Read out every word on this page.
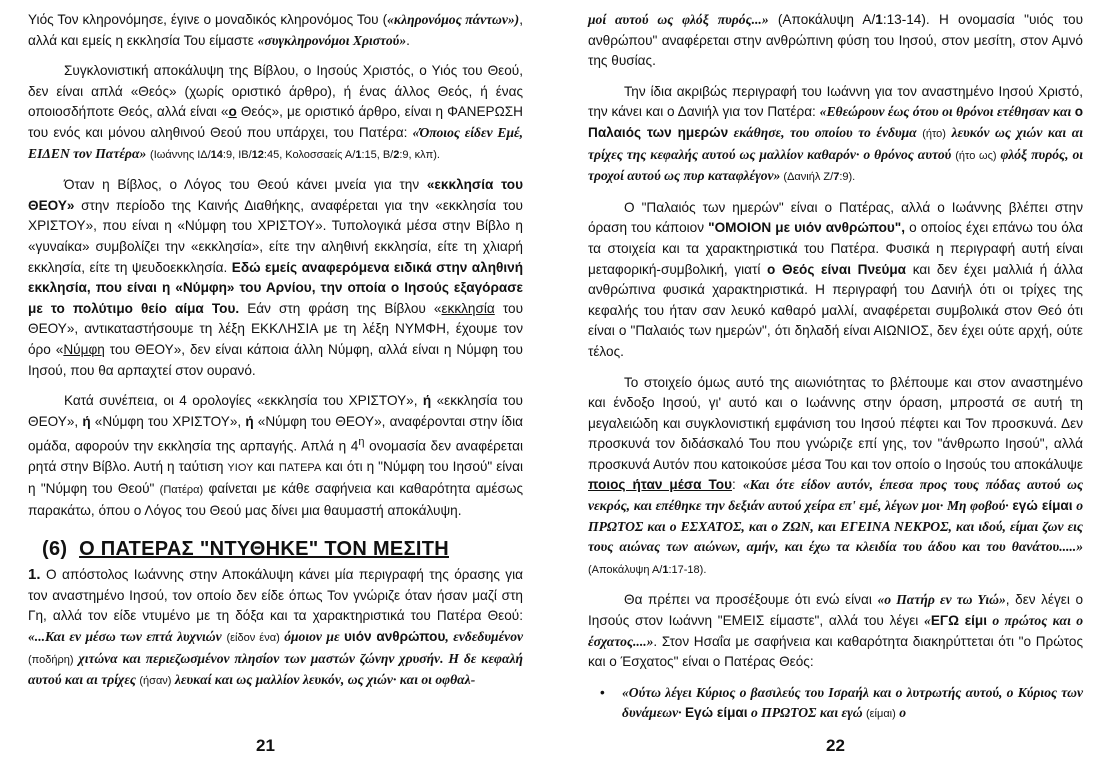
Υιός Τον κληρονόμησε, έγινε ο μοναδικός κληρονόμος Του («κληρονόμος πάντων»), αλλά και εμείς η εκκλησία Του είμαστε «συγκληρονόμοι Χριστού».

Συγκλονιστική αποκάλυψη της Βίβλου, ο Ιησούς Χριστός, ο Υιός του Θεού, δεν είναι απλά «Θεός» (χωρίς οριστικό άρθρο), ή ένας άλλος Θεός, ή ένας οποιοσδήποτε Θεός, αλλά είναι «ο Θεός», με οριστικό άρθρο, είναι η ΦΑΝΕΡΩΣΗ του ενός και μόνου αληθινού Θεού που υπάρχει, του Πατέρα: «Όποιος είδεν Εμέ, ΕΙΔΕΝ τον Πατέρα» (Ιωάννης ΙΔ/14:9, ΙΒ/12:45, Κολοσσαείς Α/1:15, Β/2:9, κλπ).

Όταν η Βίβλος, ο Λόγος του Θεού κάνει μνεία για την «εκκλησία του ΘΕΟΥ» στην περίοδο της Καινής Διαθήκης, αναφέρεται για την «εκκλησία του ΧΡΙΣΤΟΥ», που είναι η «Νύμφη του ΧΡΙΣΤΟΥ». Τυπολογικά μέσα στην Βίβλο η «γυναίκα» συμβολίζει την «εκκλησία», είτε την αληθινή εκκλησία, είτε τη χλιαρή εκκλησία, είτε τη ψευδοεκκλησία. Εδώ εμείς αναφερόμενα ειδικά στην αληθινή εκκλησία, που είναι η «Νύμφη» του Αρνίου, την οποία ο Ιησούς εξαγόρασε με το πολύτιμο θείο αίμα Του. Εάν στη φράση της Βίβλου «εκκλησία του ΘΕΟΥ», αντικαταστήσουμε τη λέξη ΕΚΚΛΗΣΙΑ με τη λέξη ΝΥΜΦΗ, έχουμε τον όρο «Νύμφη του ΘΕΟΥ», δεν είναι κάποια άλλη Νύμφη, αλλά είναι η Νύμφη του Ιησού, που θα αρπαχτεί στον ουρανό.

Κατά συνέπεια, οι 4 ορολογίες «εκκλησία του ΧΡΙΣΤΟΥ», ή «εκκλησία του ΘΕΟΥ», ή «Νύμφη του ΧΡΙΣΤΟΥ», ή «Νύμφη του ΘΕΟΥ», αναφέρονται στην ίδια ομάδα, αφορούν την εκκλησία της αρπαγής. Απλά η $4^\eta$ ονομασία δεν αναφέρεται ρητά στην Βίβλο. Αυτή η ταύτιση ΥΙΟΥ και ΠΑΤΕΡΑ και ότι η "Νύμφη του Ιησού" είναι η "Νύμφη του Θεού" (Πατέρα) φαίνεται με κάθε σαφήνεια και καθαρότητα αμέσως παρακάτω, όπου ο Λόγος του Θεού μας δίνει μια θαυμαστή αποκάλυψη.

(6) Ο ΠΑΤΕΡΑΣ "ΝΤΥΘΗΚΕ" ΤΟΝ ΜΕΣΙΤΗ

1. Ο απόστολος Ιωάννης στην Αποκάλυψη κάνει μία περιγραφή της όρασης για τον αναστημένο Ιησού, τον οποίο δεν είδε όπως Τον γνώριζε όταν ήσαν μαζί στη Γη, αλλά τον είδε ντυμένο με τη δόξα και τα χαρακτηριστικά του Πατέρα Θεού: «...Και εν μέσω των επτά λυχνιών (είδον ένα) όμοιον με υιόν ανθρώπου, ενδεδυμένον (ποδήρη) χιτώνα και περιεζωσμένον πλησίον των μαστών ζώνην χρυσήν. Η δε κεφαλή αυτού και αι τρίχες (ήσαν) λευκαί και ως μαλλίον λευκόν, ως χιών· και οι οφθαλ-

21

μοί αυτού ως φλόξ πυρός...» (Αποκάλυψη Α/1:13-14). Η ονομασία "υιός του ανθρώπου" αναφέρεται στην ανθρώπινη φύση του Ιησού, στον μεσίτη, στον Αμνό της θυσίας.

Την ίδια ακριβώς περιγραφή του Ιωάννη για τον αναστημένο Ιησού Χριστό, την κάνει και ο Δανιήλ για τον Πατέρα: «Εθεώρουν έως ότου οι θρόνοι ετέθησαν και ο Παλαιός των ημερών εκάθησε, του οποίου το ένδυμα (ήτο) λευκόν ως χιών και αι τρίχες της κεφαλής αυτού ως μαλλίον καθαρόν· ο θρόνος αυτού (ήτο ως) φλόξ πυρός, οι τροχοί αυτού ως πυρ καταφλέγον» (Δανιήλ Ζ/7:9).

Ο "Παλαιός των ημερών" είναι ο Πατέρας, αλλά ο Ιωάννης βλέπει στην όραση του κάποιον "ΟΜΟΙΟΝ με υιόν ανθρώπου", ο οποίος έχει επάνω του όλα τα στοιχεία και τα χαρακτηριστικά του Πατέρα. Φυσικά η περιγραφή αυτή είναι μεταφορική-συμβολική, γιατί ο Θεός είναι Πνεύμα και δεν έχει μαλλιά ή άλλα ανθρώπινα φυσικά χαρακτηριστικά. Η περιγραφή του Δανιήλ ότι οι τρίχες της κεφαλής του ήταν σαν λευκό καθαρό μαλλί, αναφέρεται συμβολικά στον Θεό ότι είναι ο "Παλαιός των ημερών", ότι δηλαδή είναι ΑΙΩΝΙΟΣ, δεν έχει ούτε αρχή, ούτε τέλος.

Το στοιχείο όμως αυτό της αιωνιότητας το βλέπουμε και στον αναστημένο και ένδοξο Ιησού, γι' αυτό και ο Ιωάννης στην όραση, μπροστά σε αυτή τη μεγαλειώδη και συγκλονιστική εμφάνιση του Ιησού πέφτει και Τον προσκυνά. Δεν προσκυνά τον διδάσκαλό Του που γνώριζε επί γης, τον "άνθρωπο Ιησού", αλλά προσκυνά Αυτόν που κατοικούσε μέσα Του και τον οποίο ο Ιησούς του αποκάλυψε ποιος ήταν μέσα Του: «Και ότε είδον αυτόν, έπεσα προς τους πόδας αυτού ως νεκρός, και επέθηκε την δεξιάν αυτού χείρα επ' εμέ, λέγων μοι· Μη φοβού· εγώ είμαι ο ΠΡΩΤΟΣ και ο ΕΣΧΑΤΟΣ, και ο ΖΩΝ, και ΕΓΕΙΝΑ ΝΕΚΡΟΣ, και ιδού, είμαι ζων εις τους αιώνας των αιώνων, αμήν, και έχω τα κλειδία του άδου και του θανάτου.....» (Αποκάλυψη Α/1:17-18).

Θα πρέπει να προσέξουμε ότι ενώ είναι «ο Πατήρ εν τω Υιώ», δεν λέγει ο Ιησούς στον Ιωάννη "ΕΜΕΙΣ είμαστε", αλλά του λέγει «ΕΓΩ είμι ο πρώτος και ο έσχατος....». Στον Ησαΐα με σαφήνεια και καθαρότητα διακηρύττεται ότι "ο Πρώτος και ο Έσχατος" είναι ο Πατέρας Θεός:

•	«Ούτω λέγει Κύριος ο βασιλεύς του Ισραήλ και ο λυτρωτής αυτού, ο Κύριος των δυνάμεων· Εγώ είμαι ο ΠΡΩΤΟΣ και εγώ (είμαι) ο

22
